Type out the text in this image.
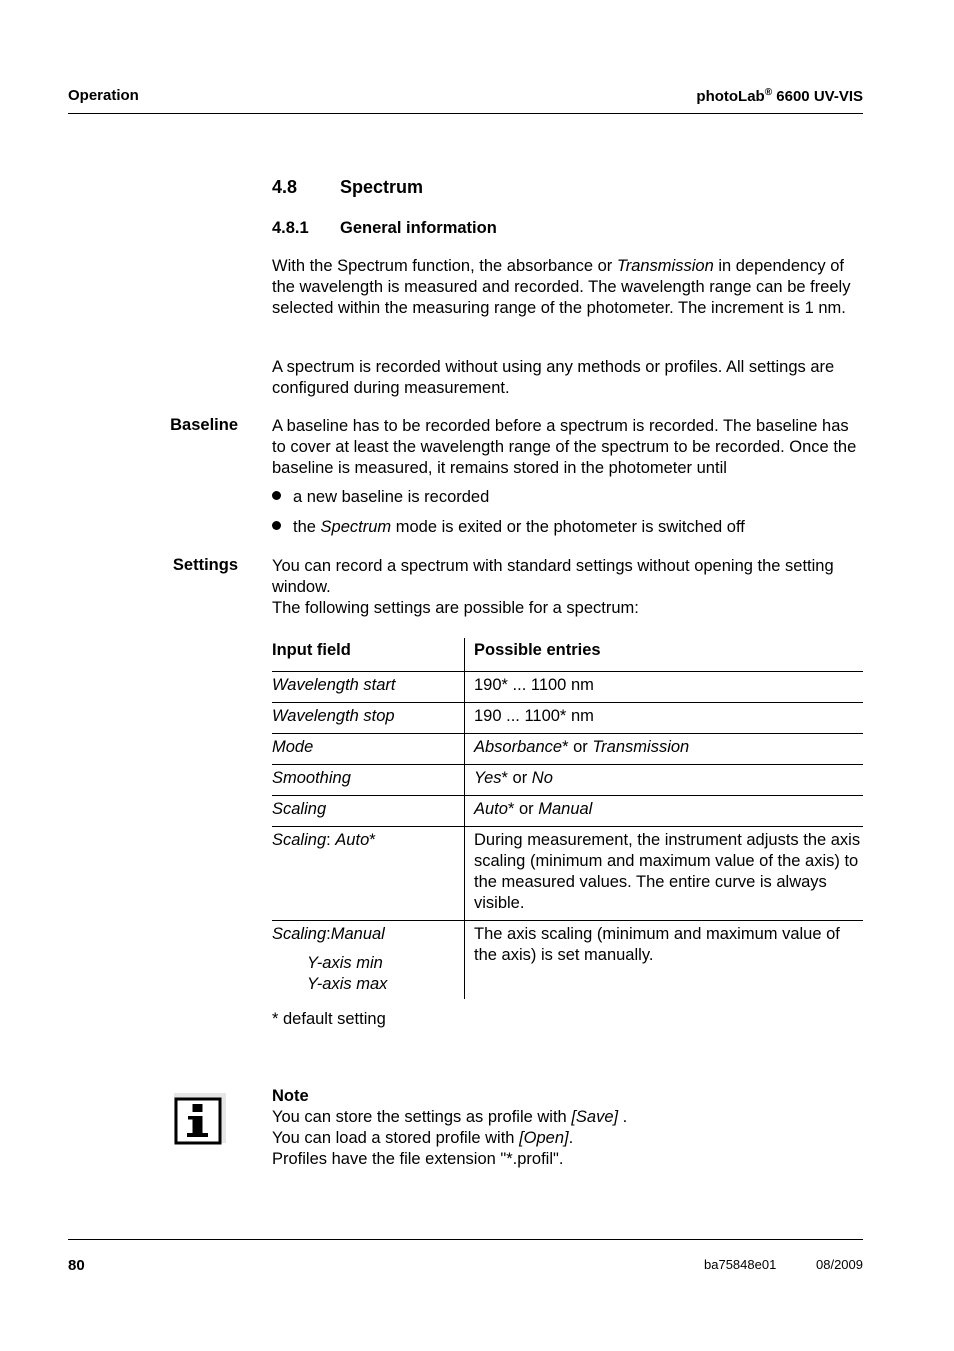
Operation	photoLab® 6600 UV-VIS
4.8 Spectrum
4.8.1 General information
With the Spectrum function, the absorbance or Transmission in dependency of the wavelength is measured and recorded. The wavelength range can be freely selected within the measuring range of the photometer. The increment is 1 nm.
A spectrum is recorded without using any methods or profiles. All settings are configured during measurement.
Baseline A baseline has to be recorded before a spectrum is recorded. The baseline has to cover at least the wavelength range of the spectrum to be recorded. Once the baseline is measured, it remains stored in the photometer until
a new baseline is recorded
the Spectrum mode is exited or the photometer is switched off
Settings You can record a spectrum with standard settings without opening the setting window.
The following settings are possible for a spectrum:
Input field	Possible entries
Wavelength start	190* ... 1100 nm
Wavelength stop	190 ... 1100* nm
Mode	Absorbance* or Transmission
Smoothing	Yes* or No
Scaling	Auto* or Manual
Scaling: Auto*	During measurement, the instrument adjusts the axis scaling (minimum and maximum value of the axis) to the measured values. The entire curve is always visible.
Scaling:Manual
Y-axis min
Y-axis max	The axis scaling (minimum and maximum value of the axis) is set manually.
* default setting
Note
You can store the settings as profile with [Save] .
You can load a stored profile with [Open].
Profiles have the file extension "*.profil".
80	ba75848e01	08/2009
